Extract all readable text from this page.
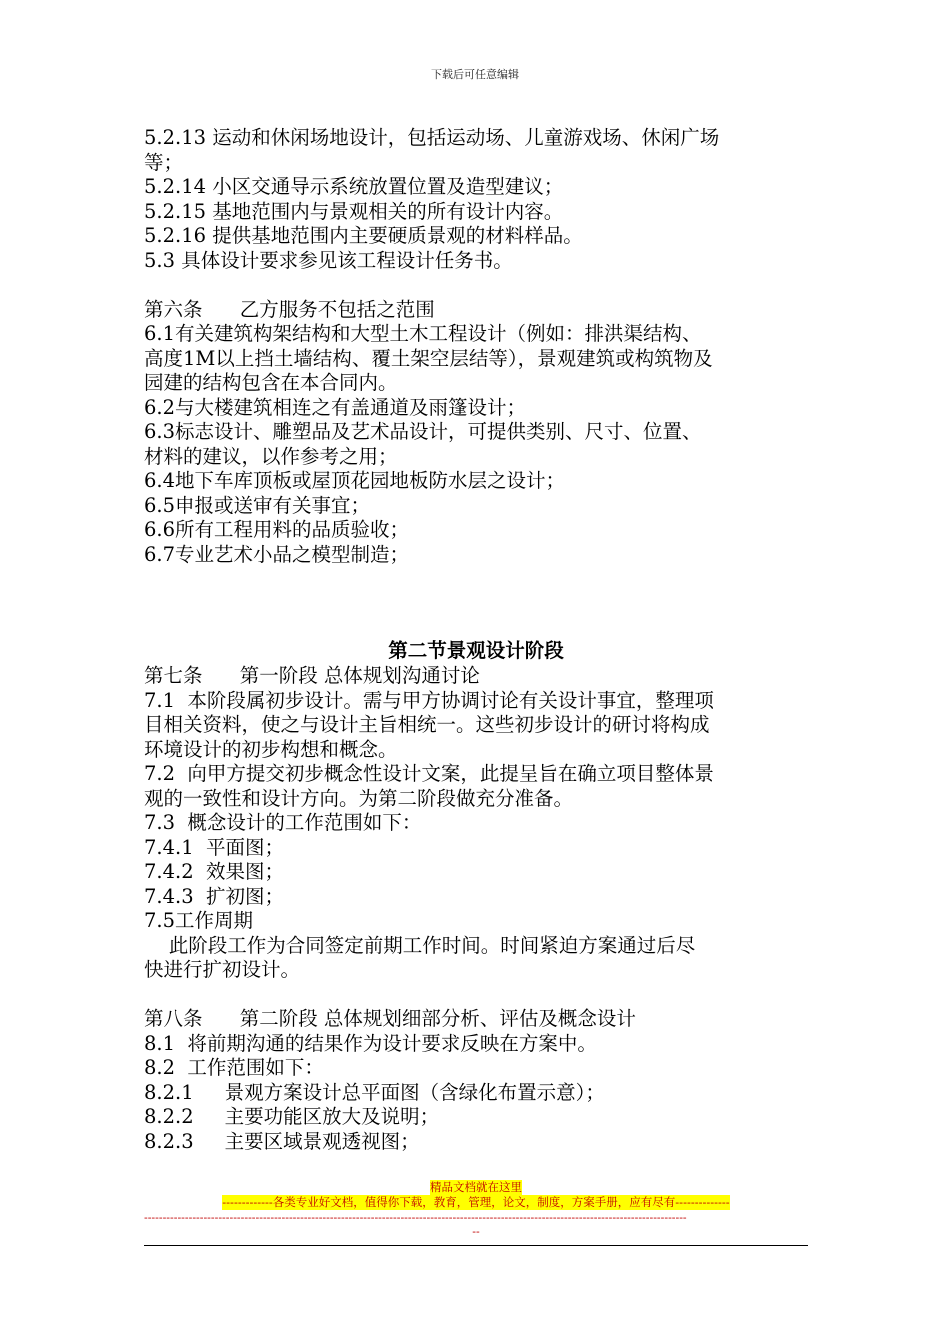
下载后可任意编辑
5.2.13 运动和休闲场地设计，包括运动场、儿童游戏场、休闲广场
等；
5.2.14 小区交通导示系统放置位置及造型建议；
5.2.15 基地范围内与景观相关的所有设计内容。
5.2.16 提供基地范围内主要硬质景观的材料样品。
5.3 具体设计要求参见该工程设计任务书。
第六条      乙方服务不包括之范围
6.1有关建筑构架结构和大型土木工程设计（例如：排洪渠结构、
高度1M以上挡土墙结构、覆土架空层结等），景观建筑或构筑物及
园建的结构包含在本合同内。
6.2与大楼建筑相连之有盖通道及雨篷设计；
6.3标志设计、雕塑品及艺术品设计，可提供类别、尺寸、位置、
材料的建议，以作参考之用；
6.4地下车库顶板或屋顶花园地板防水层之设计；
6.5申报或送审有关事宜；
6.6所有工程用料的品质验收；
6.7专业艺术小品之模型制造；
第二节景观设计阶段
第七条      第一阶段 总体规划沟通讨论
7.1  本阶段属初步设计。需与甲方协调讨论有关设计事宜，整理项
目相关资料，使之与设计主旨相统一。这些初步设计的研讨将构成
环境设计的初步构想和概念。
7.2  向甲方提交初步概念性设计文案，此提呈旨在确立项目整体景
观的一致性和设计方向。为第二阶段做充分准备。
7.3  概念设计的工作范围如下：
7.4.1  平面图；
7.4.2  效果图；
7.4.3  扩初图；
7.5工作周期
此阶段工作为合同签定前期工作时间。时间紧迫方案通过后尽
快进行扩初设计。
第八条      第二阶段 总体规划细部分析、评估及概念设计
8.1  将前期沟通的结果作为设计要求反映在方案中。
8.2  工作范围如下：
8.2.1     景观方案设计总平面图（含绿化布置示意）；
8.2.2     主要功能区放大及说明；
8.2.3     主要区域景观透视图；
精品文档就在这里
-------------各类专业好文档，值得你下载，教育，管理，论文，制度，方案手册，应有尽有--------------
--------------------------------------------------------------------------------------------------------------------------------------------------
--
